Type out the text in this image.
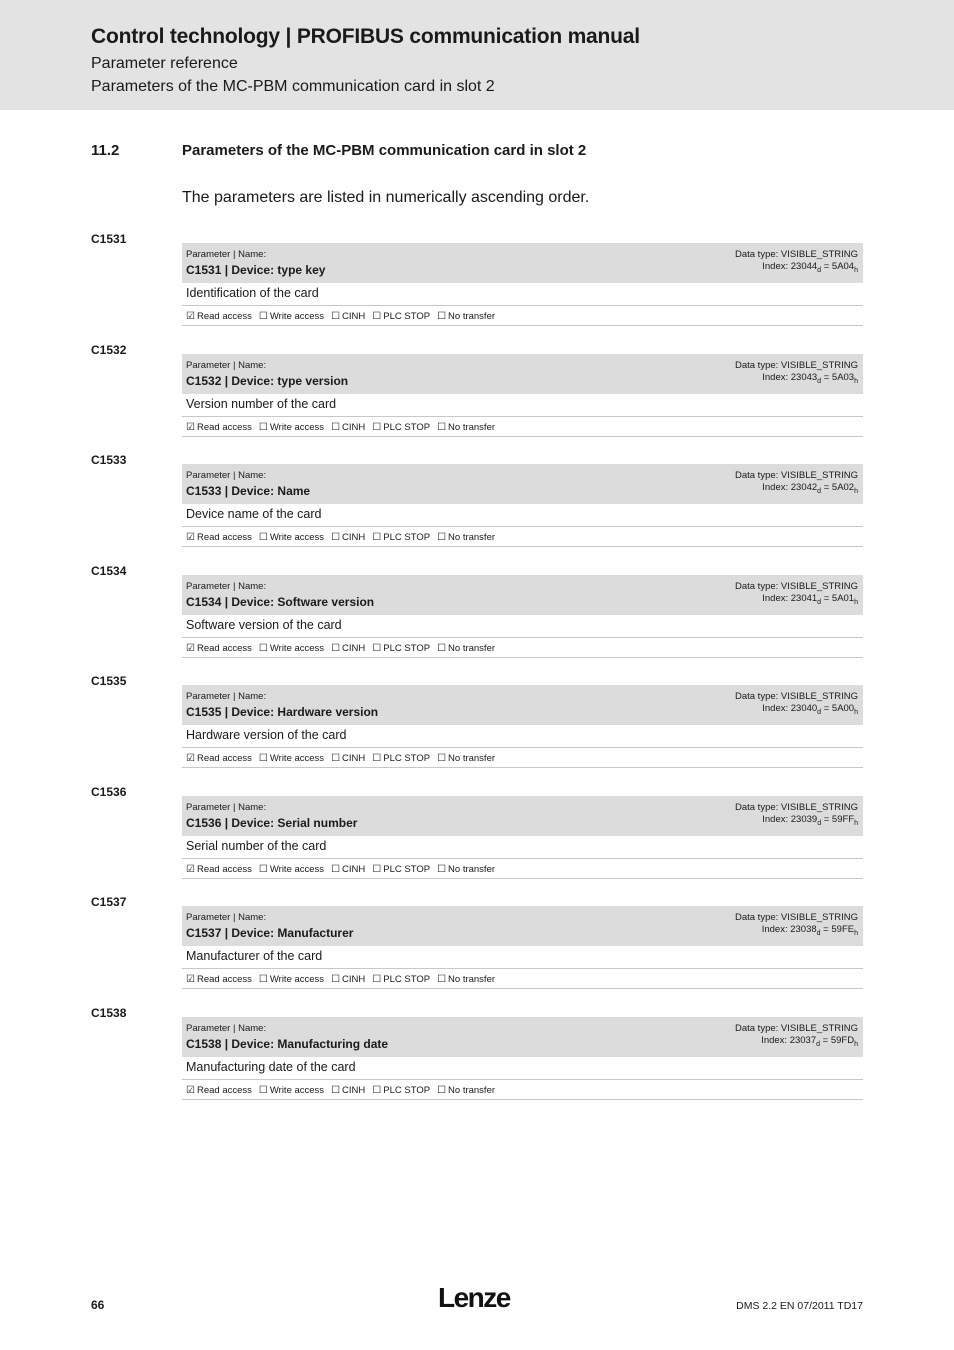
Control technology | PROFIBUS communication manual
Parameter reference
Parameters of the MC-PBM communication card in slot 2
11.2	Parameters of the MC-PBM communication card in slot 2
The parameters are listed in numerically ascending order.
C1531
Parameter | Name:
C1531 | Device: type key
Data type: VISIBLE_STRING
Index: $23044_d = 5A04_h$
Identification of the card
☑ Read access ☐ Write access ☐ CINH ☐ PLC STOP ☐ No transfer
C1532
Parameter | Name:
C1532 | Device: type version
Data type: VISIBLE_STRING
Index: $23043_d = 5A03_h$
Version number of the card
☑ Read access ☐ Write access ☐ CINH ☐ PLC STOP ☐ No transfer
C1533
Parameter | Name:
C1533 | Device: Name
Data type: VISIBLE_STRING
Index: $23042_d = 5A02_h$
Device name of the card
☑ Read access ☐ Write access ☐ CINH ☐ PLC STOP ☐ No transfer
C1534
Parameter | Name:
C1534 | Device: Software version
Data type: VISIBLE_STRING
Index: $23041_d = 5A01_h$
Software version of the card
☑ Read access ☐ Write access ☐ CINH ☐ PLC STOP ☐ No transfer
C1535
Parameter | Name:
C1535 | Device: Hardware version
Data type: VISIBLE_STRING
Index: $23040_d = 5A00_h$
Hardware version of the card
☑ Read access ☐ Write access ☐ CINH ☐ PLC STOP ☐ No transfer
C1536
Parameter | Name:
C1536 | Device: Serial number
Data type: VISIBLE_STRING
Index: $23039_d = 59FF_h$
Serial number of the card
☑ Read access ☐ Write access ☐ CINH ☐ PLC STOP ☐ No transfer
C1537
Parameter | Name:
C1537 | Device: Manufacturer
Data type: VISIBLE_STRING
Index: $23038_d = 59FE_h$
Manufacturer of the card
☑ Read access ☐ Write access ☐ CINH ☐ PLC STOP ☐ No transfer
C1538
Parameter | Name:
C1538 | Device: Manufacturing date
Data type: VISIBLE_STRING
Index: $23037_d = 59FD_h$
Manufacturing date of the card
☑ Read access ☐ Write access ☐ CINH ☐ PLC STOP ☐ No transfer
66	Lenze	DMS 2.2 EN 07/2011 TD17
